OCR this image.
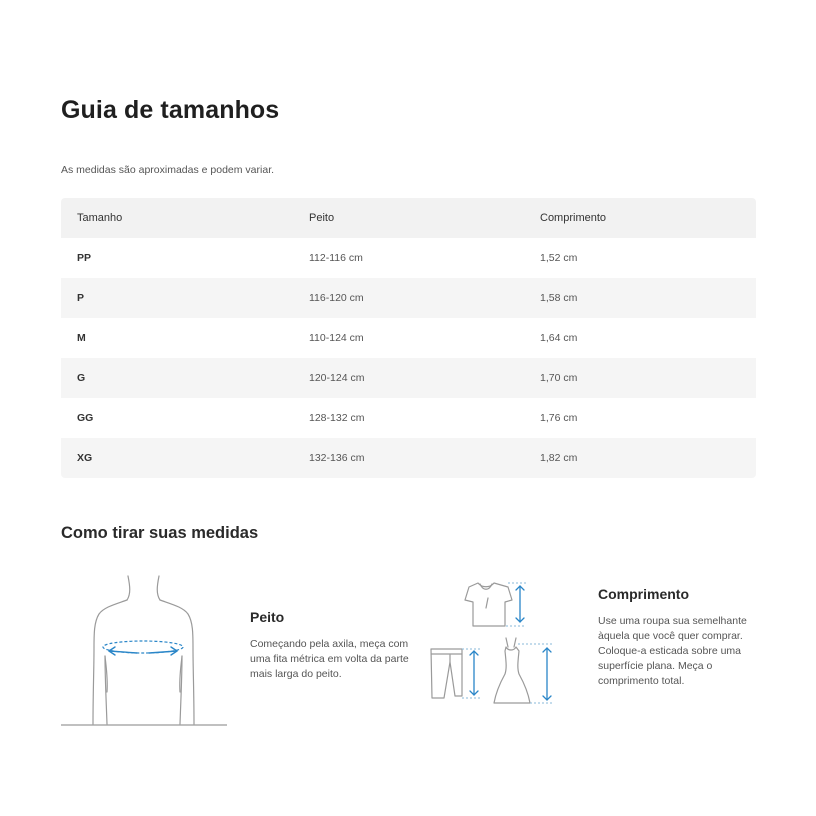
Guia de tamanhos

As medidas são aproximadas e podem variar.

Tamanho	Peito	Comprimento
PP	112-116 cm	1,52 cm
P	116-120 cm	1,58 cm
M	110-124 cm	1,64 cm
G	120-124 cm	1,70 cm
GG	128-132 cm	1,76 cm
XG	132-136 cm	1,82 cm
Como tirar suas medidas
Peito

Começando pela axila, meça com uma fita métrica em volta da parte mais larga do peito.

Comprimento

Use uma roupa sua semelhante àquela que você quer comprar. Coloque-a esticada sobre uma superfície plana. Meça o comprimento total.
